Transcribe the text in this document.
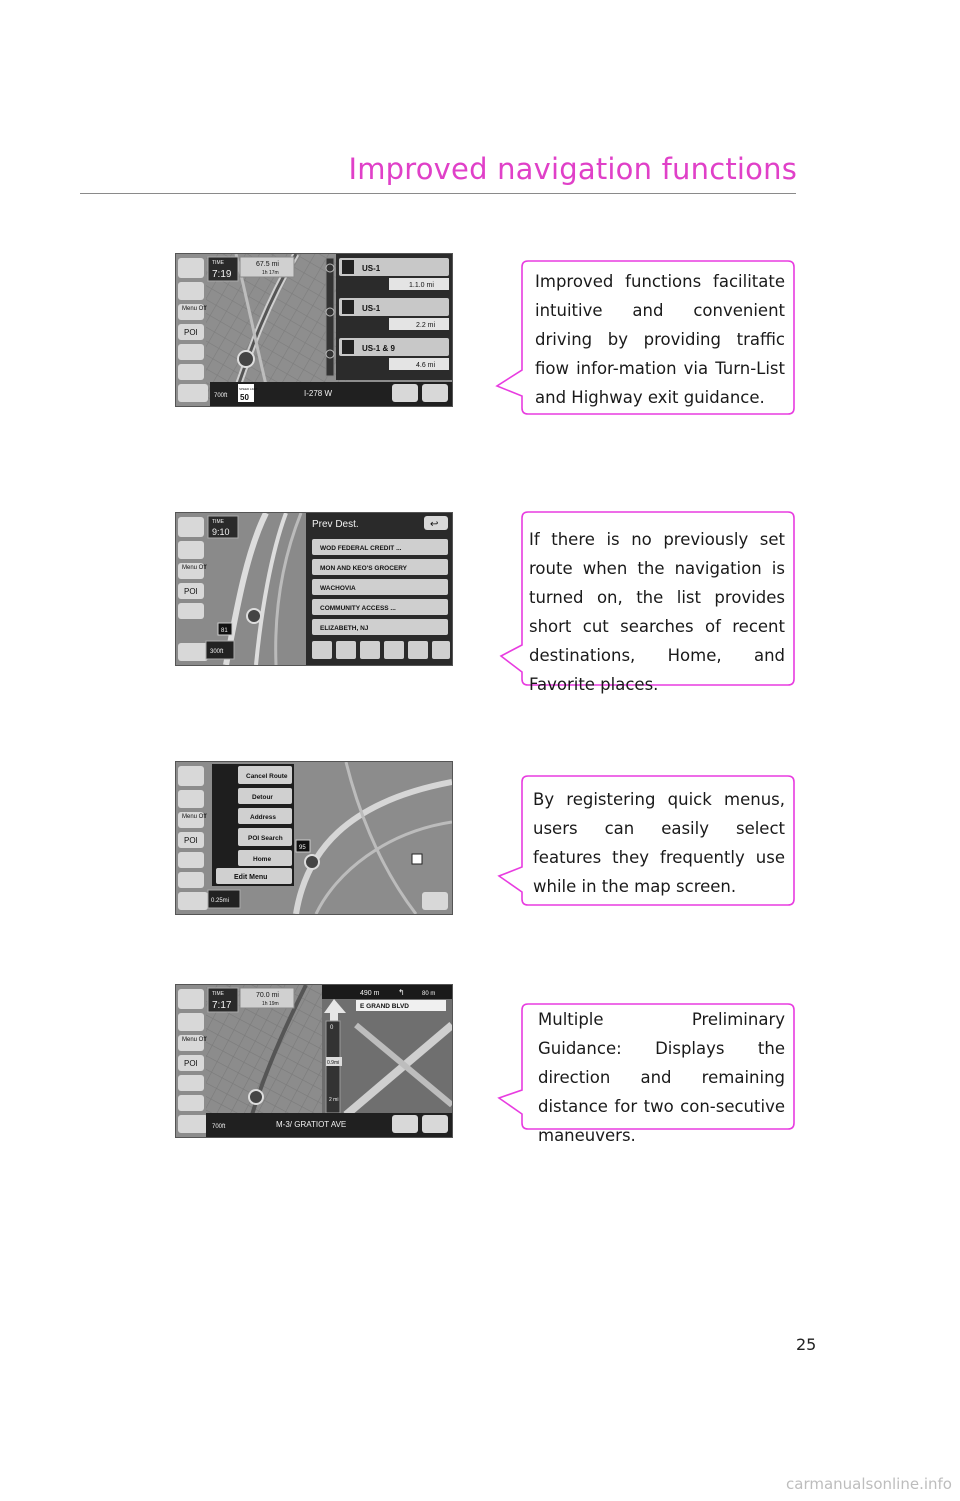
Improved navigation functions
Menu Off
POI
TIME
7:19
67.5 mi
1h 17m	US-1
1.1.0 mi
US-1
2.2 mi
US-1 & 9
4.6 mi
700ft
SPEED LIMIT
50	I-278 W
Improved functions facilitate intuitive and convenient driving by providing traffic fiow infor-mation via Turn-List and Highway exit guidance.
81
Menu Off
POI
TIME
9:10
300ft
Prev Dest.	↩
WOD FEDERAL CREDIT ...
MON AND KEO'S GROCERY
WACHOVIA
COMMUNITY ACCESS ...
ELIZABETH, NJ
If there is no previously set route when the navigation is turned on, the list provides short cut searches of recent destinations, Home, and Favorite places.
95
Menu Off
POI
0.25mi
Cancel Route
Detour
Address
POI Search
Home
Edit Menu
By registering quick menus, users can easily select features they frequently use while in the map screen.
Menu Off
POI
TIME
7:17
70.0 mi
1h 19m
490 m ↰	80 m
E GRAND BLVD
0
0.9mi
2 mi
700ft	M-3/ GRATIOT AVE
Multiple Preliminary Guidance: Displays the direction and remaining distance for two con-secutive maneuvers.
25
carmanualsonline.info
